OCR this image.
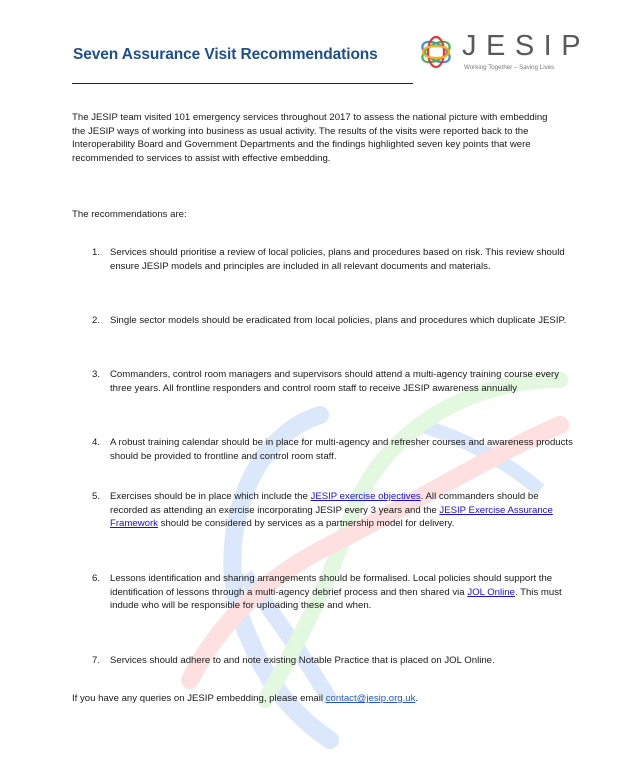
Seven Assurance Visit Recommendations	JESIP
Working Together – Saving Lives

The JESIP team visited 101 emergency services throughout 2017 to assess the national picture with embedding the JESIP ways of working into business as usual activity. The results of the visits were reported back to the Interoperability Board and Government Departments and the findings highlighted seven key points that were recommended to services to assist with effective embedding.

The recommendations are:
1. Services should prioritise a review of local policies, plans and procedures based on risk. This review should ensure JESIP models and principles are included in all relevant documents and materials.
2. Single sector models should be eradicated from local policies, plans and procedures which duplicate JESIP.
3. Commanders, control room managers and supervisors should attend a multi-agency training course every three years. All frontline responders and control room staff to receive JESIP awareness annually
4. A robust training calendar should be in place for multi-agency and refresher courses and awareness products should be provided to frontline and control room staff.
5. Exercises should be in place which include the JESIP exercise objectives. All commanders should be recorded as attending an exercise incorporating JESIP every 3 years and the JESIP Exercise Assurance Framework should be considered by services as a partnership model for delivery.
6. Lessons identification and sharing arrangements should be formalised. Local policies should support the identification of lessons through a multi-agency debrief process and then shared via JOL Online. This must indude who will be responsible for uploading these and when.
7. Services should adhere to and note existing Notable Practice that is placed on JOL Online.
If you have any queries on JESIP embedding, please email contact@jesip.org.uk.
